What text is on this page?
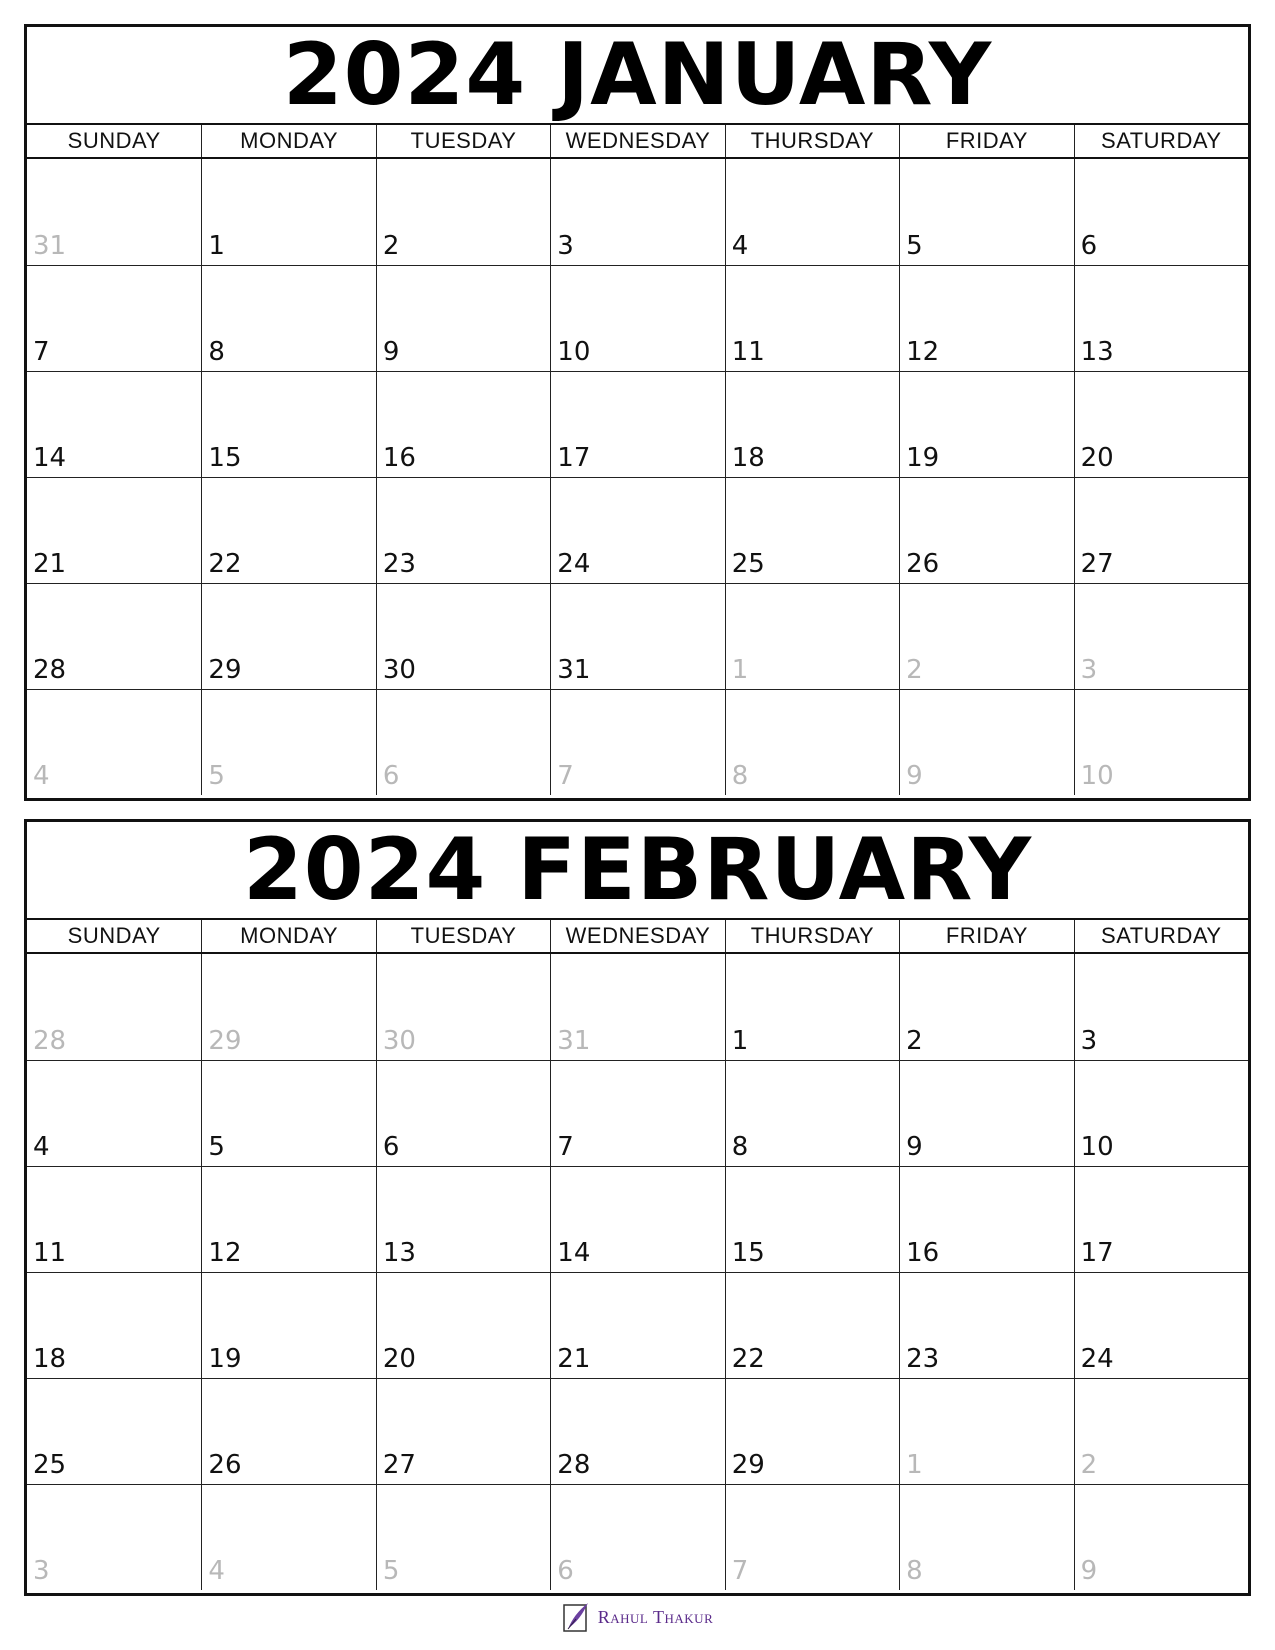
2024 JANUARY
SUNDAY	MONDAY	TUESDAY	WEDNESDAY	THURSDAY	FRIDAY	SATURDAY
31	1	2	3	4	5	6
7	8	9	10	11	12	13
14	15	16	17	18	19	20
21	22	23	24	25	26	27
28	29	30	31	1	2	3
4	5	6	7	8	9	10
2024 FEBRUARY
SUNDAY	MONDAY	TUESDAY	WEDNESDAY	THURSDAY	FRIDAY	SATURDAY
28	29	30	31	1	2	3
4	5	6	7	8	9	10
11	12	13	14	15	16	17
18	19	20	21	22	23	24
25	26	27	28	29	1	2
3	4	5	6	7	8	9
Rahul Thakur
